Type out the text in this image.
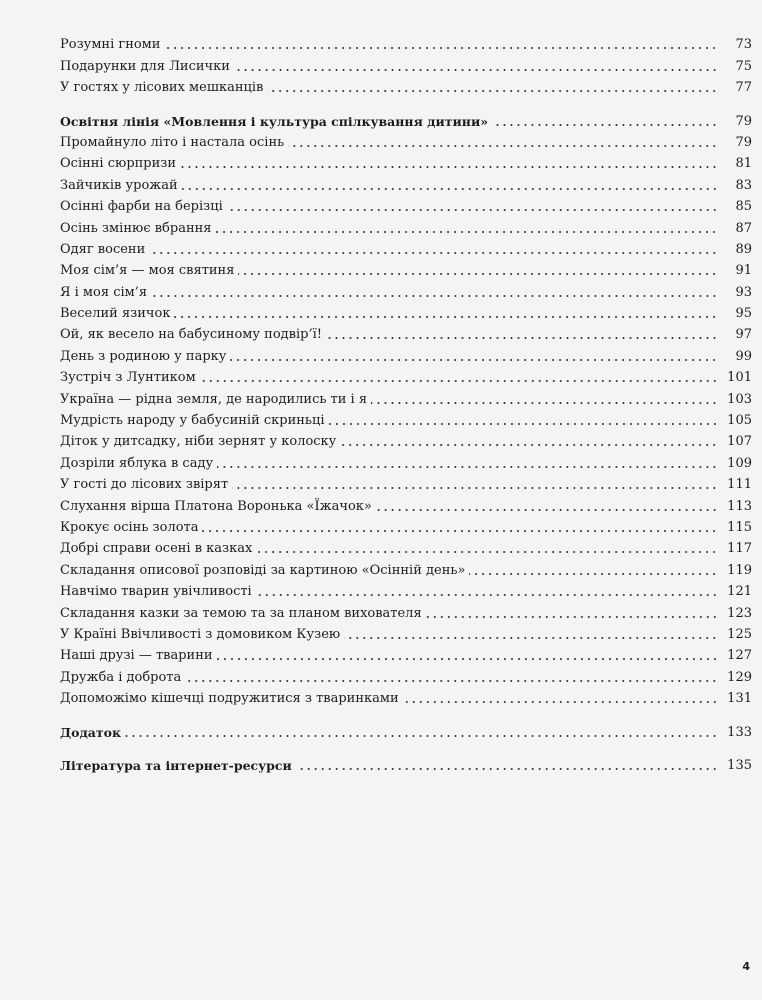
Розумні гноми	73
Подарунки для Лисички	75
У гостях у лісових мешканців	77
Освітня лінія «Мовлення і культура спілкування дитини»	79
Промайнуло літо і настала осінь	79
Осінні сюрпризи	81
Зайчиків урожай	83
Осінні фарби на берізці	85
Осінь змінює вбрання	87
Одяг восени	89
Моя сім’я — моя святиня	91
Я і моя сім’я	93
Веселий язичок	95
Ой, як весело на бабусиному подвір’ї!	97
День з родиною у парку	99
Зустріч з Лунтиком	101
Україна — рідна земля, де народились ти і я	103
Мудрість народу у бабусиній скриньці	105
Діток у дитсадку, ніби зернят у колоску	107
Дозріли яблука в саду	109
У гості до лісових звірят	111
Слухання вірша Платона Воронька «Їжачок»	113
Крокує осінь золота	115
Добрі справи осені в казках	117
Складання описової розповіді за картиною «Осінній день»	119
Навчімо тварин увічливості	121
Складання казки за темою та за планом вихователя	123
У Країні Ввічливості з домовиком Кузею	125
Наші друзі — тварини	127
Дружба і доброта	129
Допоможімо кішечці подружитися з тваринками	131
Додаток	133
Література та інтернет-ресурси	135
4
